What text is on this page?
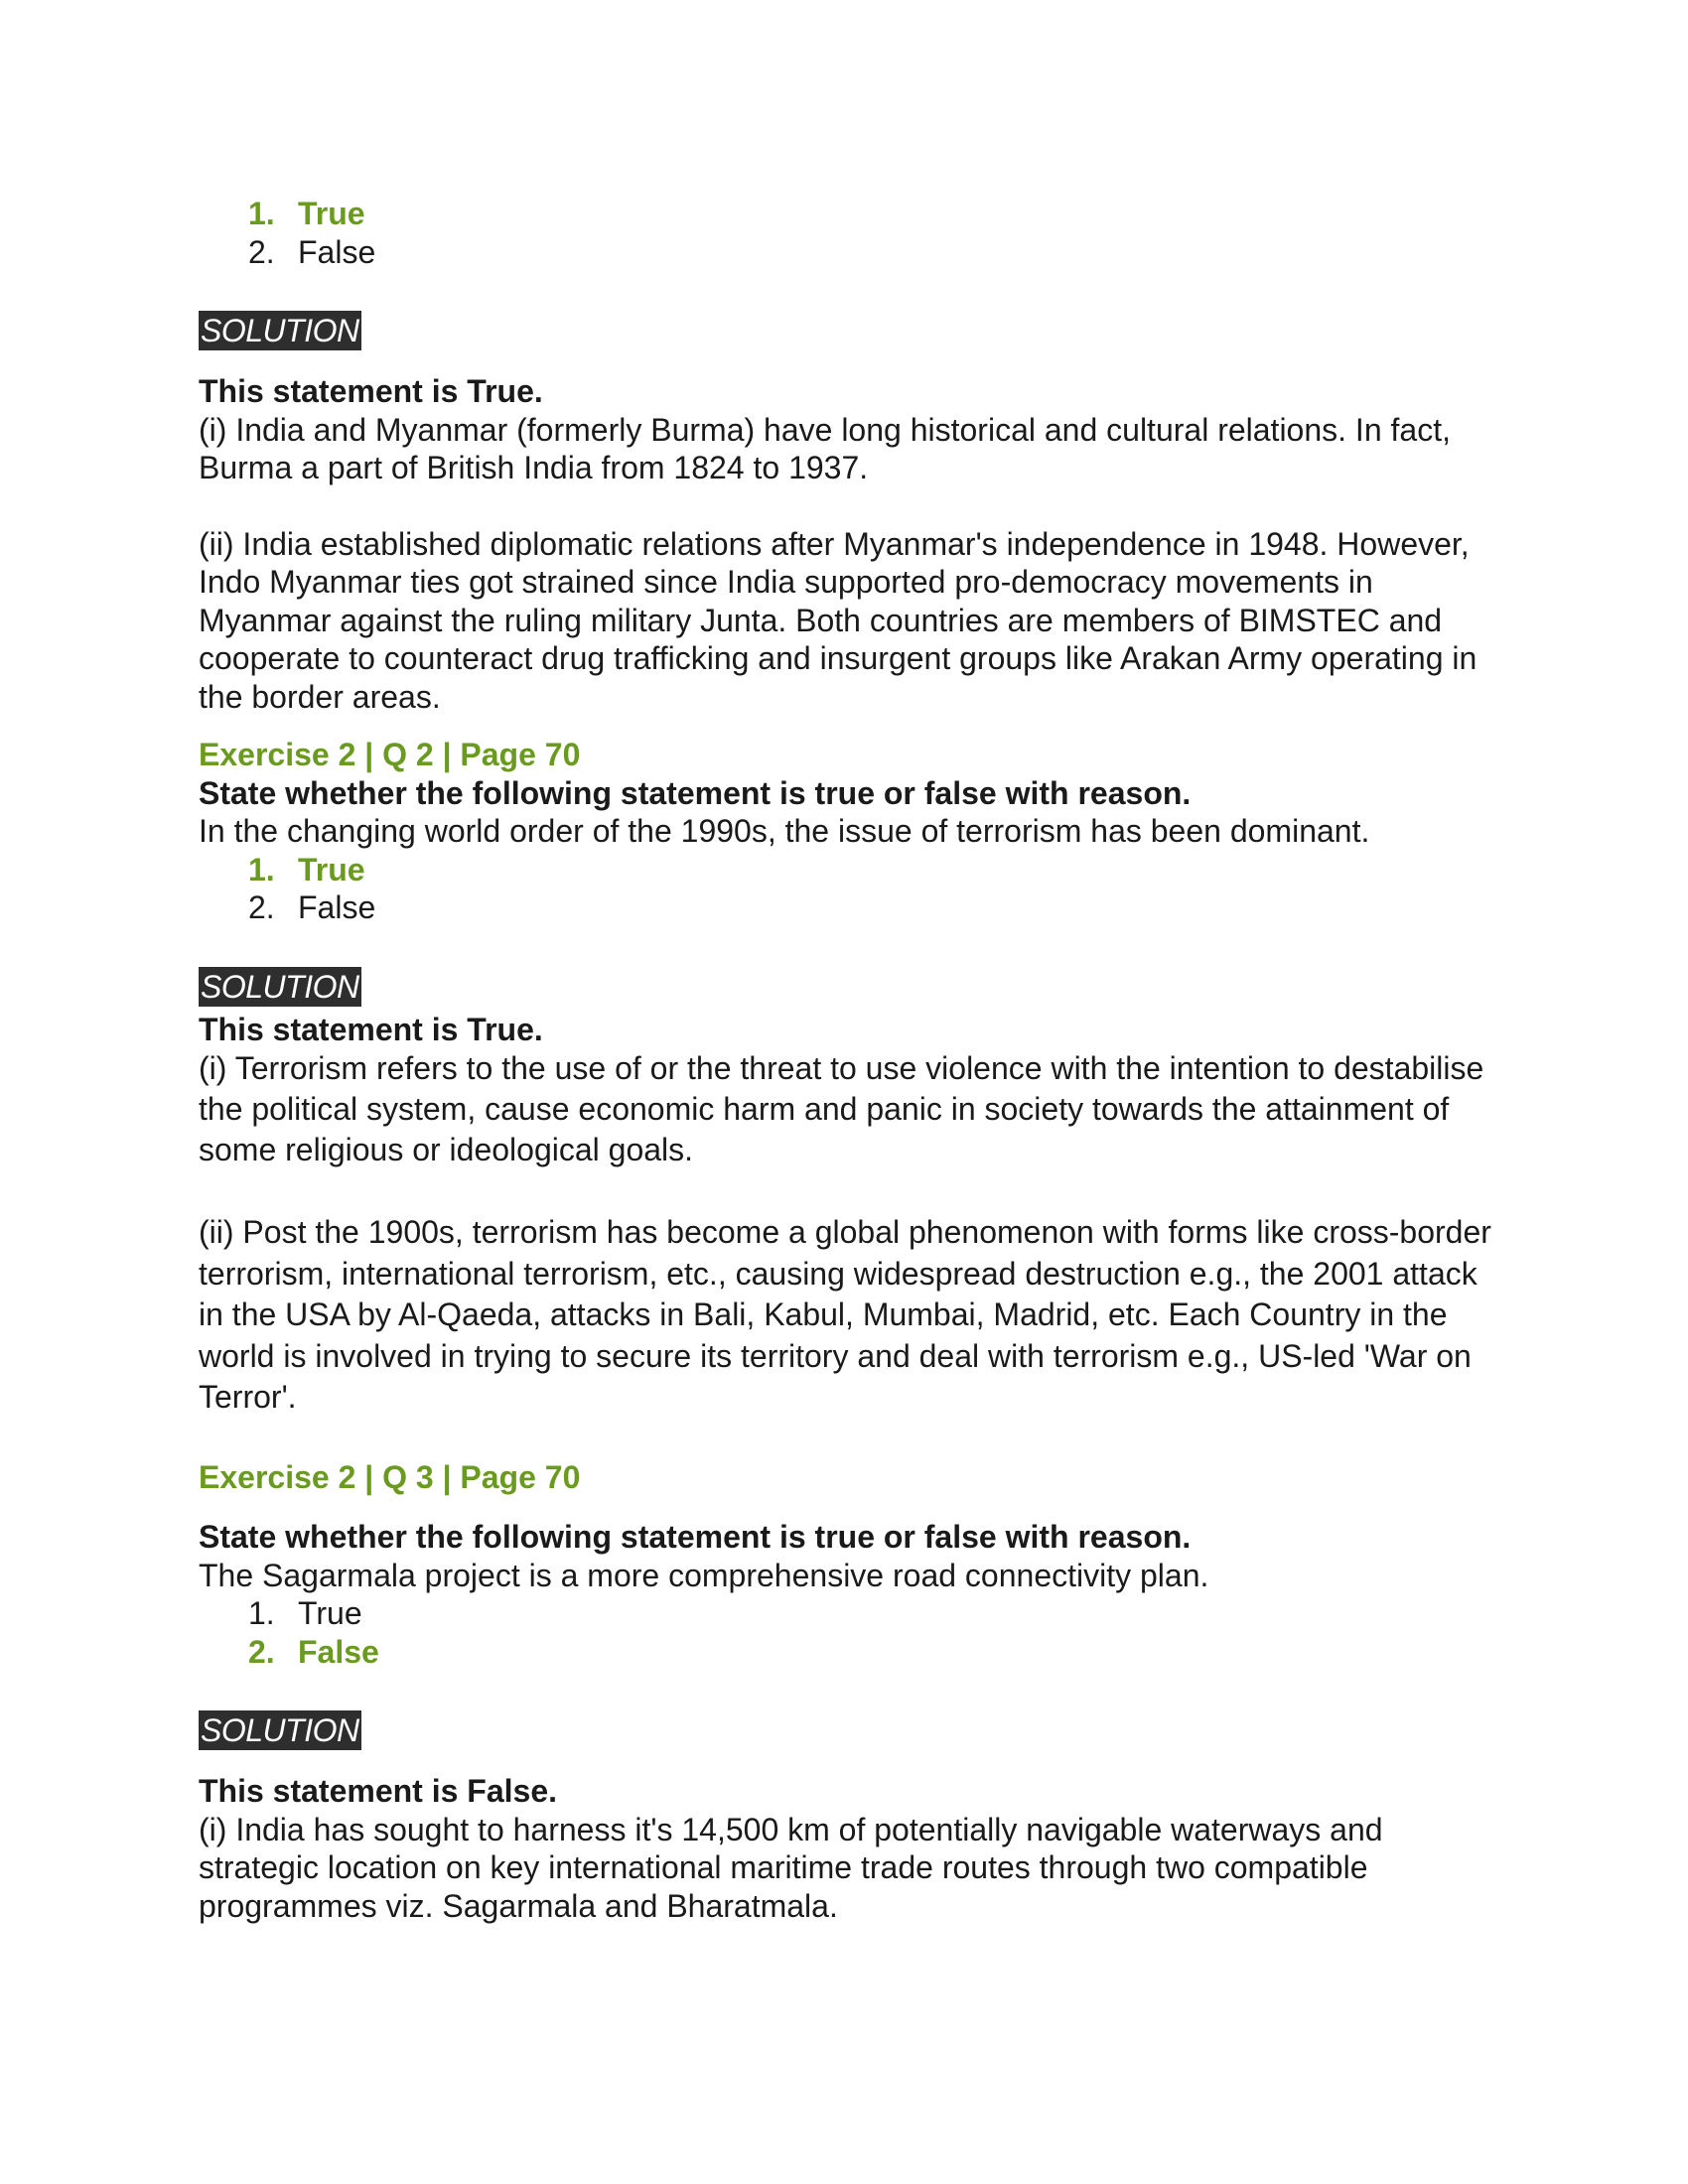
1. True
2. False
SOLUTION

This statement is True.

(i) India and Myanmar (formerly Burma) have long historical and cultural relations. In fact, Burma a part of British India from 1824 to 1937.

(ii) India established diplomatic relations after Myanmar's independence in 1948. However, Indo Myanmar ties got strained since India supported pro-democracy movements in Myanmar against the ruling military Junta. Both countries are members of BIMSTEC and cooperate to counteract drug trafficking and insurgent groups like Arakan Army operating in the border areas.

Exercise 2 | Q 2 | Page 70

State whether the following statement is true or false with reason.

In the changing world order of the 1990s, the issue of terrorism has been dominant.

1. True
2. False
SOLUTION

This statement is True.

(i) Terrorism refers to the use of or the threat to use violence with the intention to destabilise the political system, cause economic harm and panic in society towards the attainment of some religious or ideological goals.

(ii) Post the 1900s, terrorism has become a global phenomenon with forms like cross-border terrorism, international terrorism, etc., causing widespread destruction e.g., the 2001 attack in the USA by Al-Qaeda, attacks in Bali, Kabul, Mumbai, Madrid, etc. Each Country in the world is involved in trying to secure its territory and deal with terrorism e.g., US-led 'War on Terror'.

Exercise 2 | Q 3 | Page 70

State whether the following statement is true or false with reason.

The Sagarmala project is a more comprehensive road connectivity plan.

1. True
2. False
SOLUTION

This statement is False.

(i) India has sought to harness it's 14,500 km of potentially navigable waterways and strategic location on key international maritime trade routes through two compatible programmes viz. Sagarmala and Bharatmala.
